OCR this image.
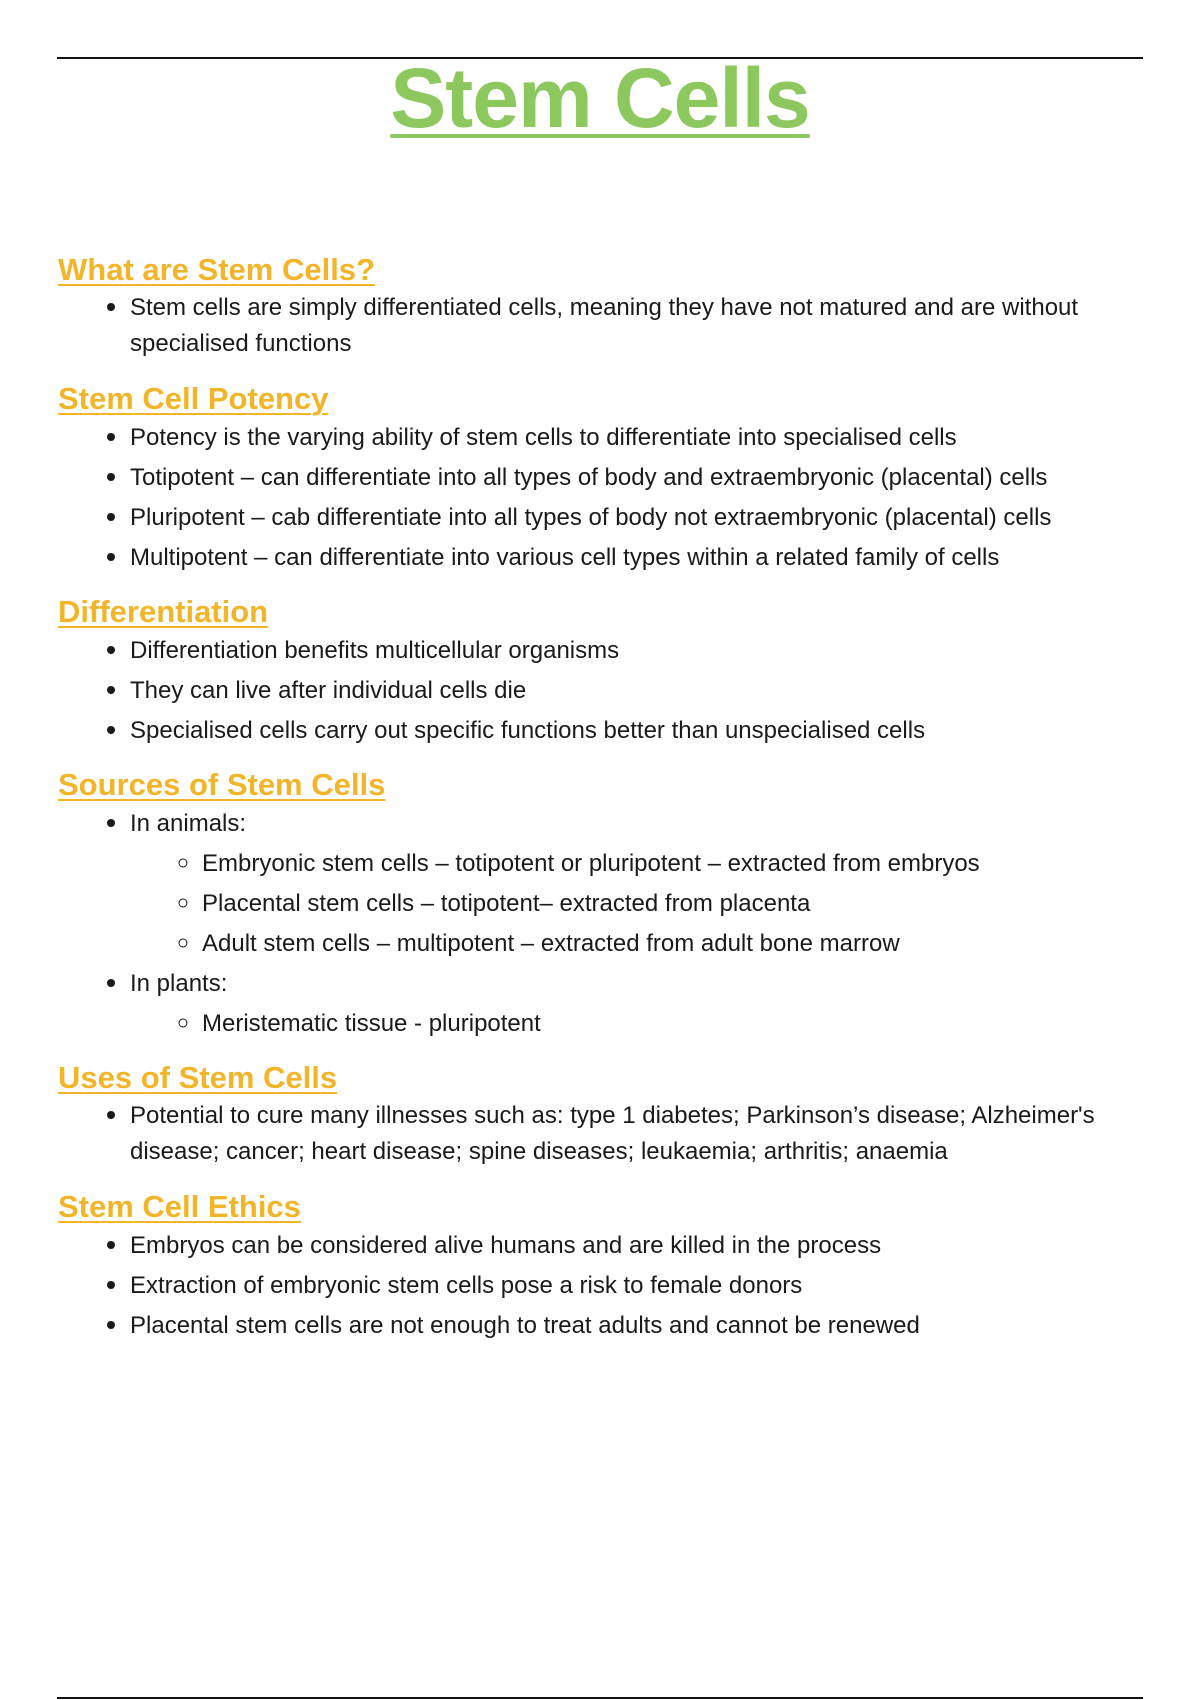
Stem Cells
What are Stem Cells?
• Stem cells are simply differentiated cells, meaning they have not matured and are without specialised functions
Stem Cell Potency
• Potency is the varying ability of stem cells to differentiate into specialised cells
• Totipotent – can differentiate into all types of body and extraembryonic (placental) cells
• Pluripotent – cab differentiate into all types of body not extraembryonic (placental) cells
• Multipotent – can differentiate into various cell types within a related family of cells
Differentiation
• Differentiation benefits multicellular organisms
• They can live after individual cells die
• Specialised cells carry out specific functions better than unspecialised cells
Sources of Stem Cells
• In animals:
◦ Embryonic stem cells – totipotent or pluripotent – extracted from embryos
◦ Placental stem cells – totipotent– extracted from placenta
◦ Adult stem cells – multipotent – extracted from adult bone marrow
• In plants:
◦ Meristematic tissue - pluripotent
Uses of Stem Cells
• Potential to cure many illnesses such as: type 1 diabetes; Parkinson’s disease; Alzheimer's disease; cancer; heart disease; spine diseases; leukaemia; arthritis; anaemia
Stem Cell Ethics
• Embryos can be considered alive humans and are killed in the process
• Extraction of embryonic stem cells pose a risk to female donors
• Placental stem cells are not enough to treat adults and cannot be renewed
